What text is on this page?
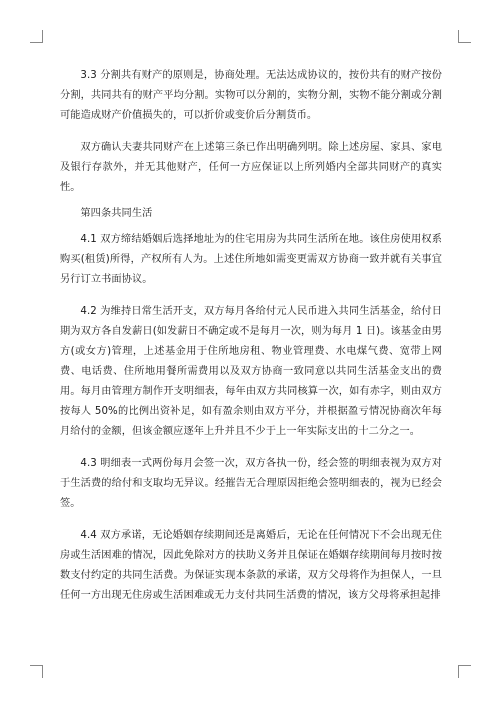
3.3 分割共有财产的原则是，协商处理。无法达成协议的，按份共有的财产按份分割，共同共有的财产平均分割。实物可以分割的，实物分割，实物不能分割或分割可能造成财产价值损失的，可以折价或变价后分割货币。

双方确认夫妻共同财产在上述第三条已作出明确列明。除上述房屋、家具、家电及银行存款外，并无其他财产，任何一方应保证以上所列婚内全部共同财产的真实性。

第四条共同生活

4.1 双方缔结婚姻后选择地址为的住宅用房为共同生活所在地。该住房使用权系购买(租赁)所得，产权所有人为。上述住所地如需变更需双方协商一致并就有关事宜另行订立书面协议。

4.2 为维持日常生活开支，双方每月各给付元人民币进入共同生活基金，给付日期为双方各自发薪日(如发薪日不确定或不是每月一次，则为每月 1 日)。该基金由男方(或女方)管理，上述基金用于住所地房租、物业管理费、水电煤气费、宽带上网费、电话费、住所地用餐所需费用以及双方协商一致同意以共同生活基金支出的费用。每月由管理方制作开支明细表，每年由双方共同核算一次，如有赤字，则由双方按每人 50%的比例出资补足，如有盈余则由双方平分，并根据盈亏情况协商次年每月给付的金额，但该金额应逐年上升并且不少于上一年实际支出的十二分之一。

4.3 明细表一式两份每月会签一次，双方各执一份，经会签的明细表视为双方对于生活费的给付和支取均无异议。经摧告无合理原因拒绝会签明细表的，视为已经会签。

4.4 双方承诺，无论婚姻存续期间还是离婚后，无论在任何情况下不会出现无住房或生活困难的情况，因此免除对方的扶助义务并且保证在婚姻存续期间每月按时按数支付约定的共同生活费。为保证实现本条款的承诺，双方父母将作为担保人，一旦任何一方出现无住房或生活困难或无力支付共同生活费的情况，该方父母将承担起排
